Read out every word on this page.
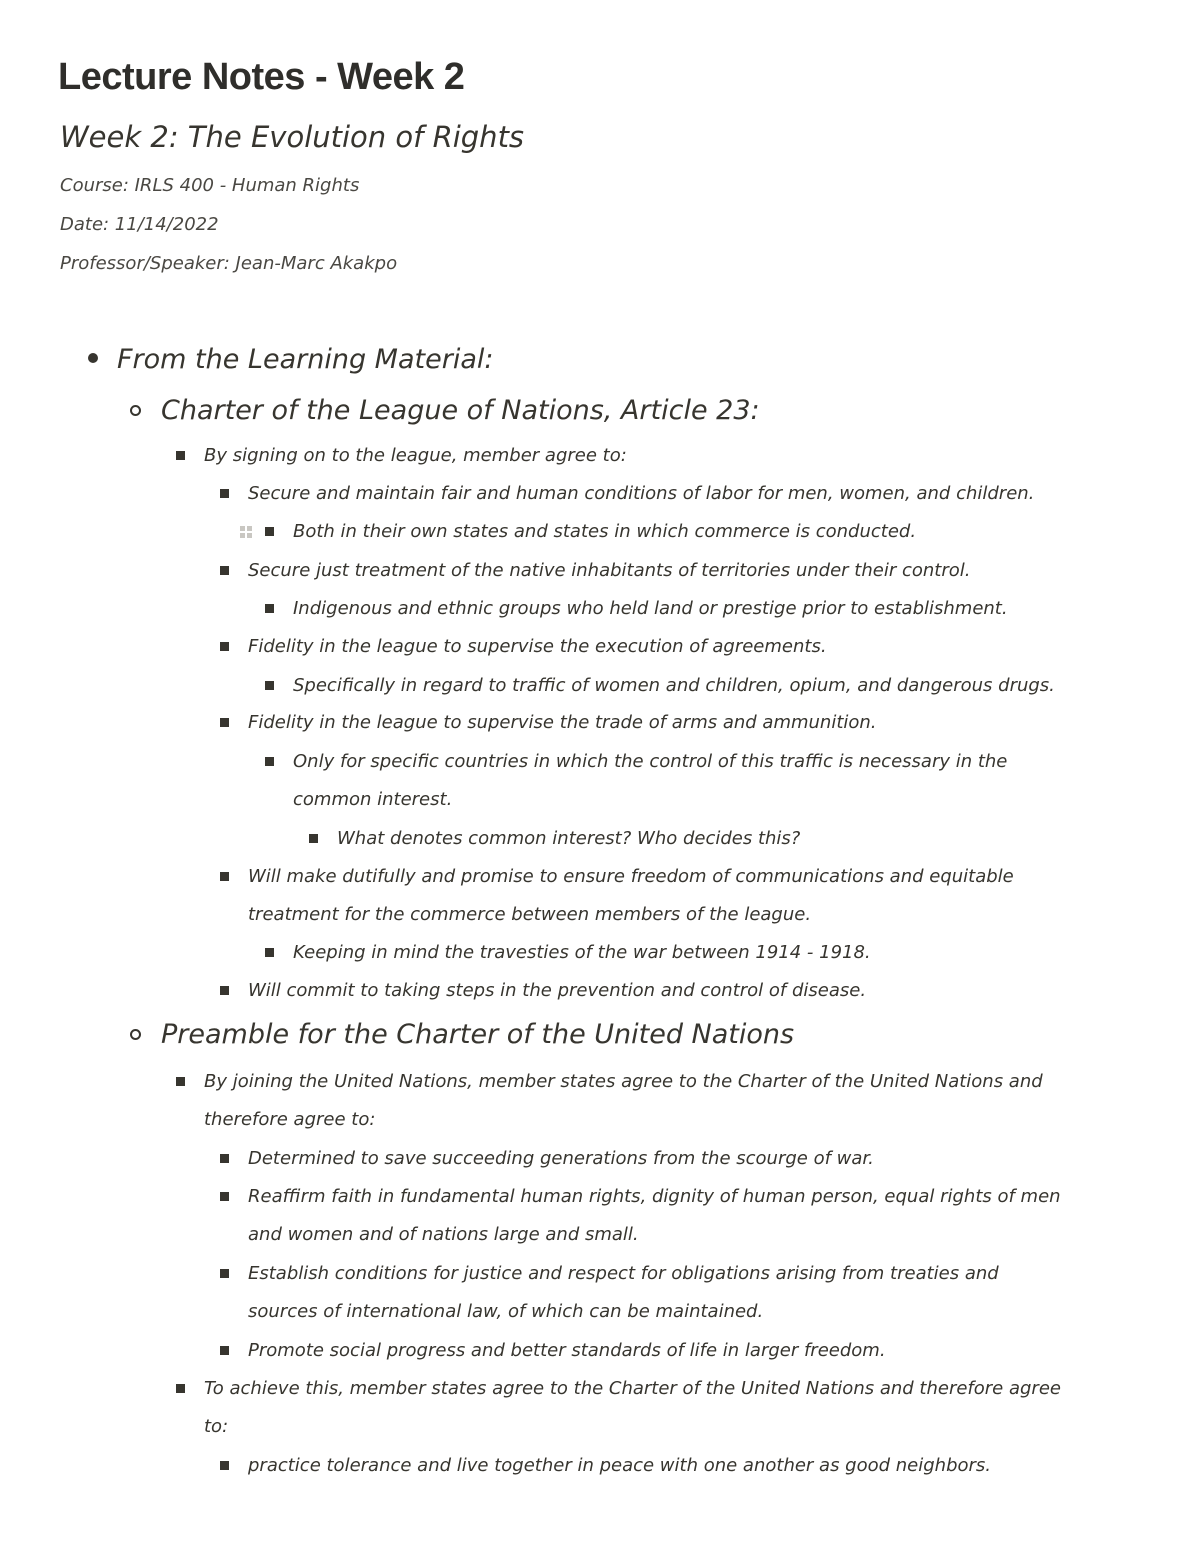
Lecture Notes - Week 2
Week 2: The Evolution of Rights
Course: IRLS 400 - Human Rights
Date: 11/14/2022
Professor/Speaker: Jean-Marc Akakpo
From the Learning Material:
Charter of the League of Nations, Article 23:
By signing on to the league, member agree to:
Secure and maintain fair and human conditions of labor for men, women, and children.
Both in their own states and states in which commerce is conducted.
Secure just treatment of the native inhabitants of territories under their control.
Indigenous and ethnic groups who held land or prestige prior to establishment.
Fidelity in the league to supervise the execution of agreements.
Specifically in regard to traffic of women and children, opium, and dangerous drugs.
Fidelity in the league to supervise the trade of arms and ammunition.
Only for specific countries in which the control of this traffic is necessary in the
common interest.
What denotes common interest? Who decides this?
Will make dutifully and promise to ensure freedom of communications and equitable
treatment for the commerce between members of the league.
Keeping in mind the travesties of the war between 1914 - 1918.
Will commit to taking steps in the prevention and control of disease.
Preamble for the Charter of the United Nations
By joining the United Nations, member states agree to the Charter of the United Nations and
therefore agree to:
Determined to save succeeding generations from the scourge of war.
Reaffirm faith in fundamental human rights, dignity of human person, equal rights of men
and women and of nations large and small.
Establish conditions for justice and respect for obligations arising from treaties and
sources of international law, of which can be maintained.
Promote social progress and better standards of life in larger freedom.
To achieve this, member states agree to the Charter of the United Nations and therefore agree
to:
practice tolerance and live together in peace with one another as good neighbors.
